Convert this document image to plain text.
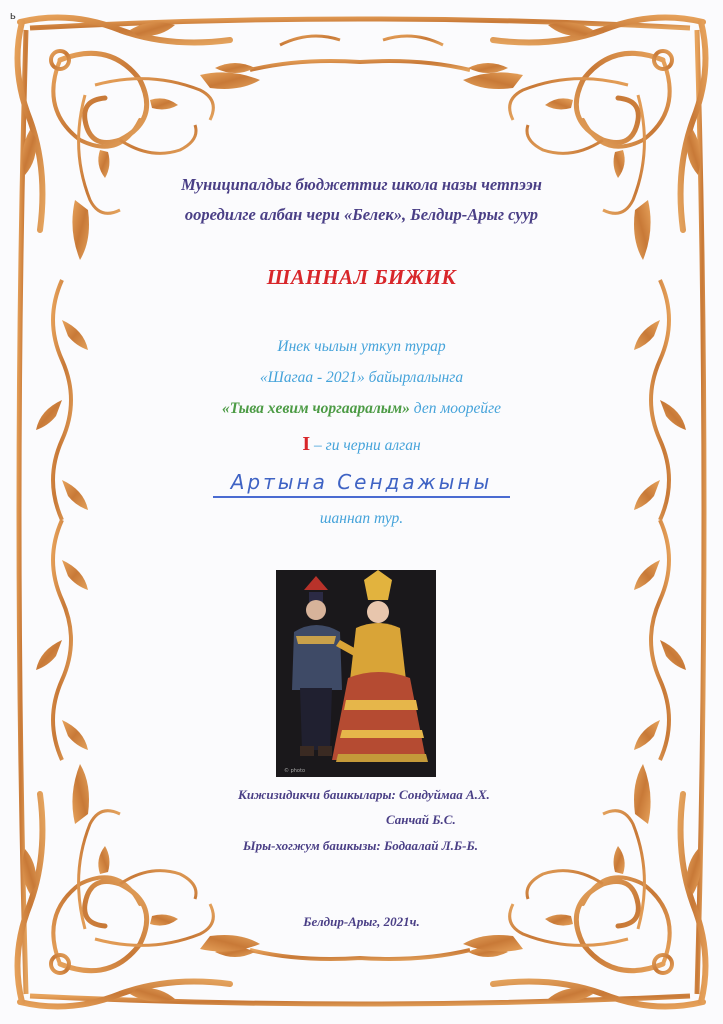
ь
Муниципалдыг бюджеттиг школа назы четпээн
ооредилге албан чери «Белек», Белдир-Арыг суур
ШАННАЛ БИЖИК
Инек чылын уткуп турар
«Шагаа - 2021» байырлалынга
«Тыва хевим чоргааралым» деп моорейге
I – ги черни алган
Артына Сендажыны
шаннап тур.
© photo
Кижизидикчи башкылары: Сондуймаа А.Х.
Санчай Б.С.
Ыры-хогжум башкызы: Бодаалай Л.Б-Б.
Белдир-Арыг, 2021ч.
